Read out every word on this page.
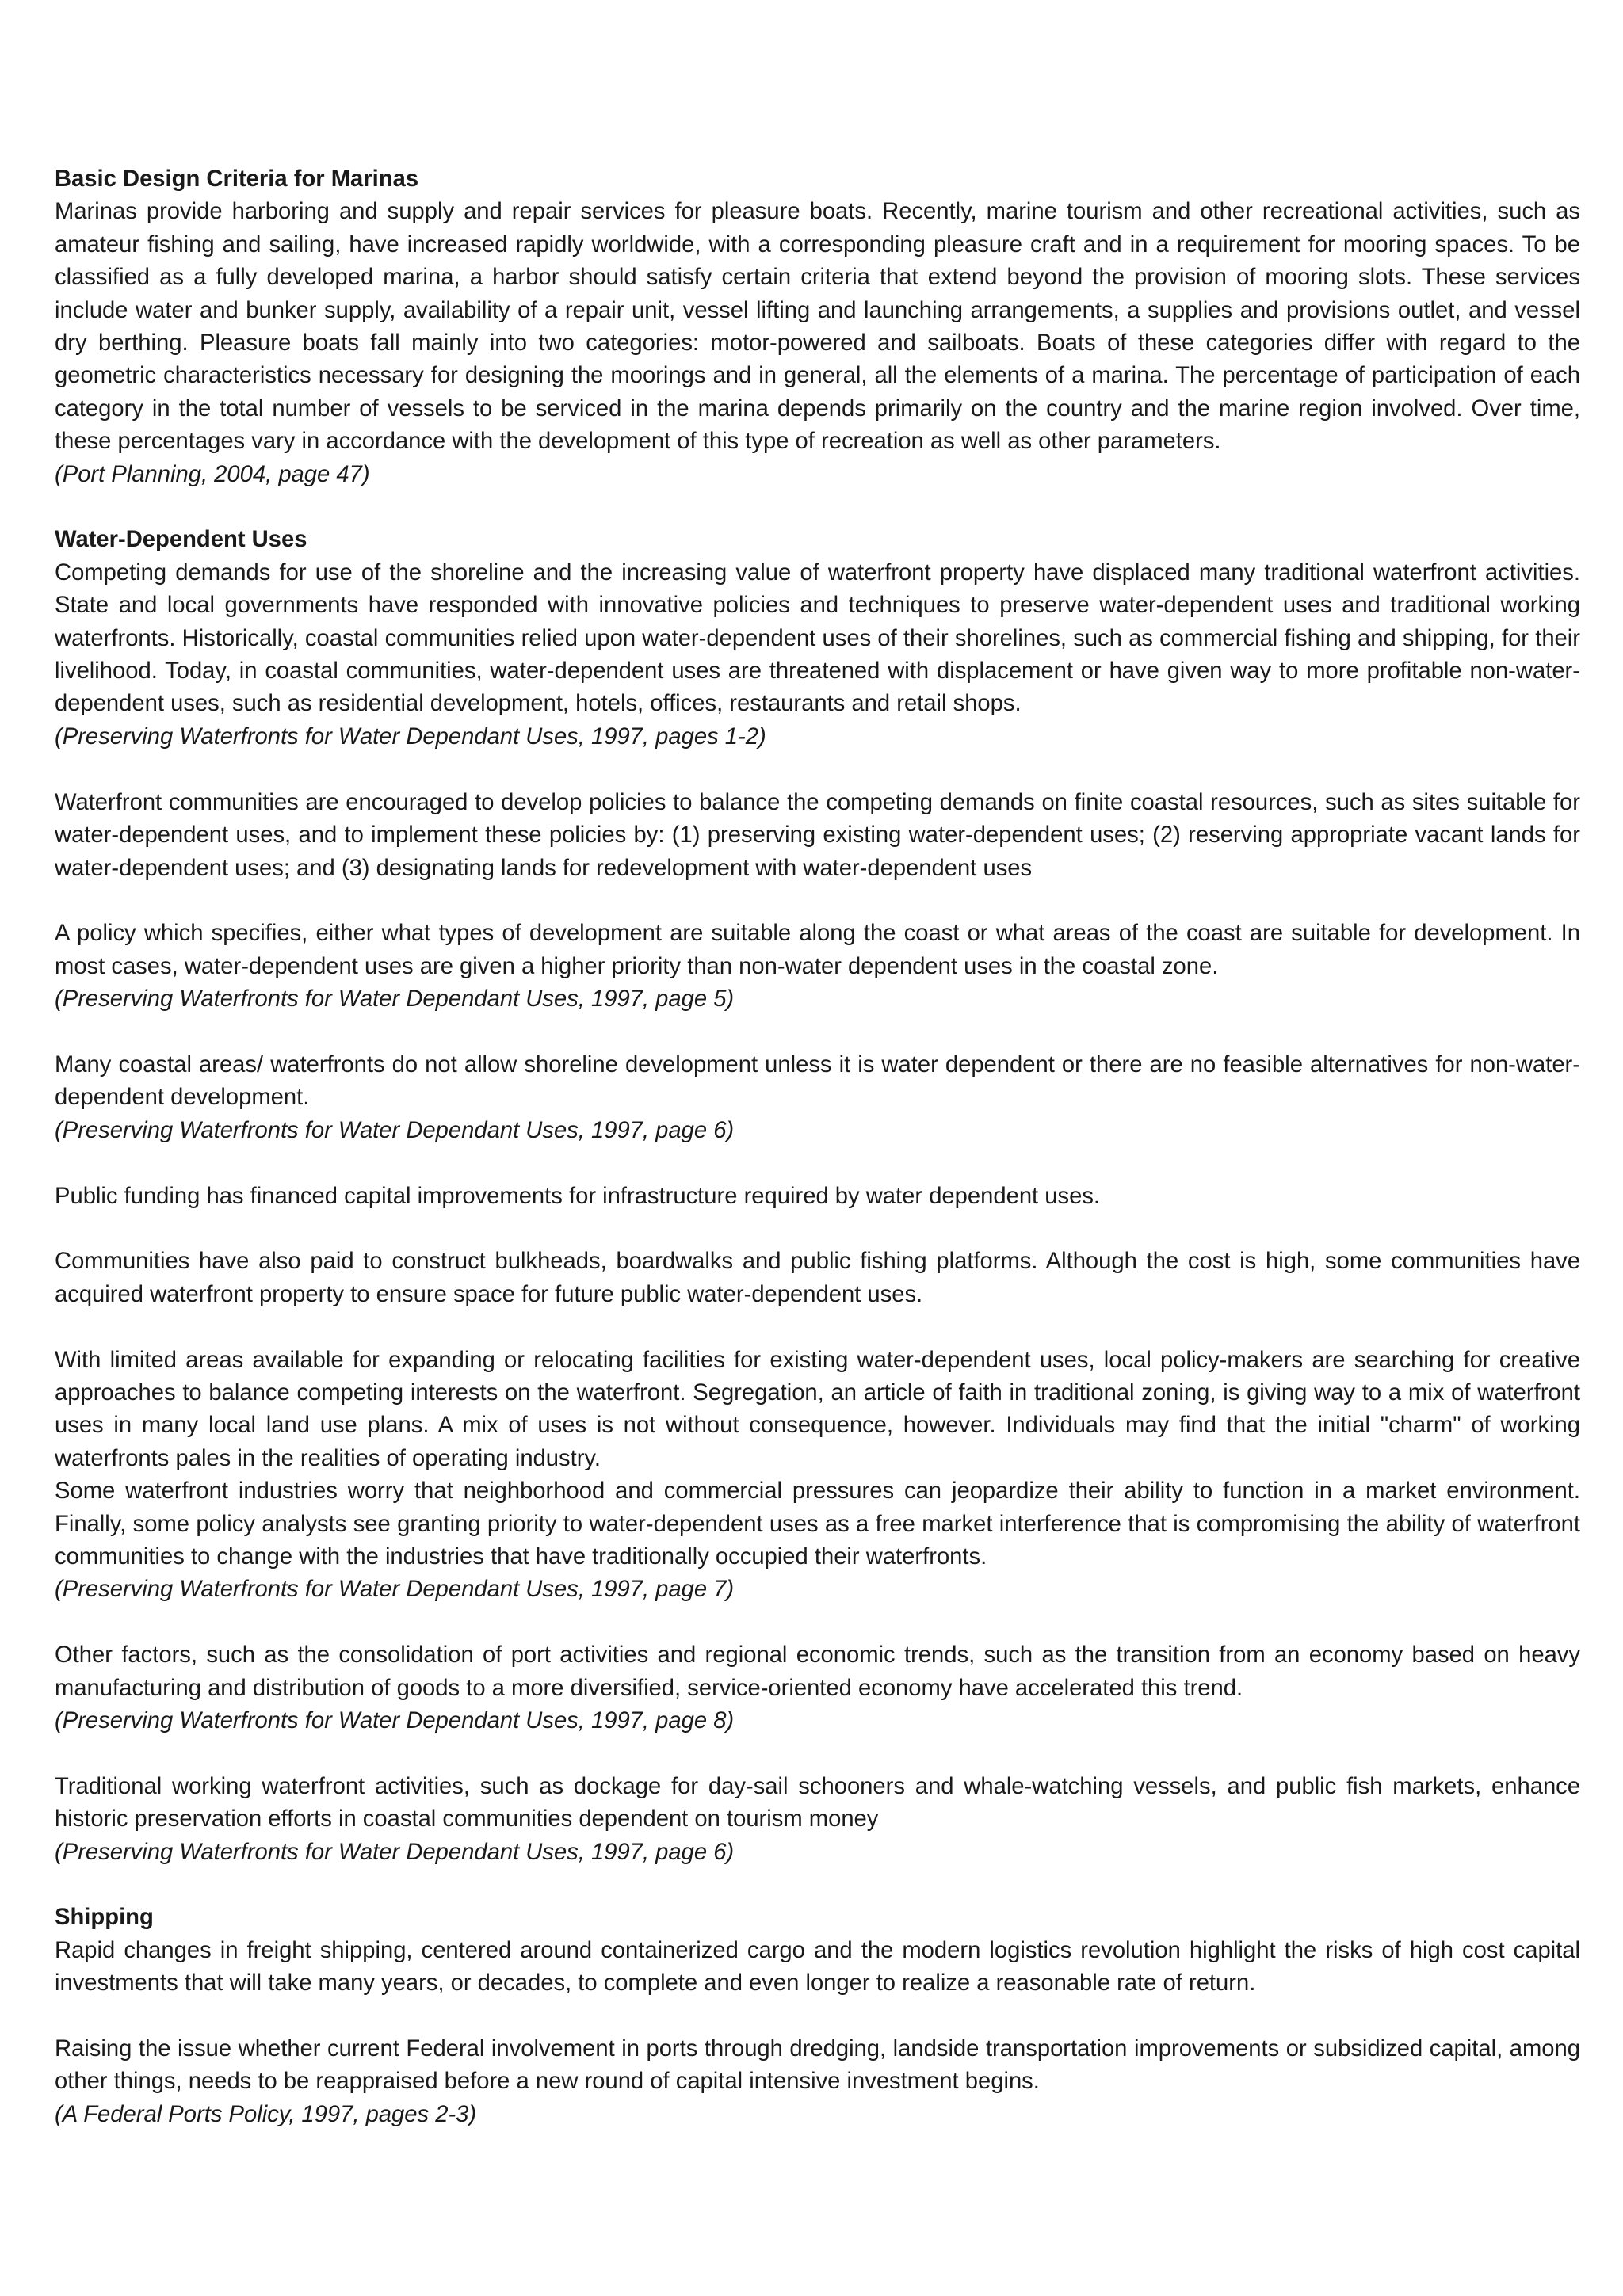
Basic Design Criteria for Marinas

Marinas provide harboring and supply and repair services for pleasure boats. Recently, marine tourism and other recreational activities, such as amateur fishing and sailing, have increased rapidly worldwide, with a corresponding pleasure craft and in a requirement for mooring spaces. To be classified as a fully developed marina, a harbor should satisfy certain criteria that extend beyond the provision of mooring slots. These services include water and bunker supply, availability of a repair unit, vessel lifting and launching arrangements, a supplies and provisions outlet, and vessel dry berthing. Pleasure boats fall mainly into two categories: motor-powered and sailboats. Boats of these categories differ with regard to the geometric characteristics necessary for designing the moorings and in general, all the elements of a marina. The percentage of participation of each category in the total number of vessels to be serviced in the marina depends primarily on the country and the marine region involved. Over time, these percentages vary in accordance with the development of this type of recreation as well as other parameters.

(Port Planning, 2004, page 47)

Water-Dependent Uses

Competing demands for use of the shoreline and the increasing value of waterfront property have displaced many traditional waterfront activities. State and local governments have responded with innovative policies and techniques to preserve water-dependent uses and traditional working waterfronts. Historically, coastal communities relied upon water-dependent uses of their shorelines, such as commercial fishing and shipping, for their livelihood. Today, in coastal communities, water-dependent uses are threatened with displacement or have given way to more profitable non-water-dependent uses, such as residential development, hotels, offices, restaurants and retail shops.

(Preserving Waterfronts for Water Dependant Uses, 1997, pages 1-2)

Waterfront communities are encouraged to develop policies to balance the competing demands on finite coastal resources, such as sites suitable for water-dependent uses, and to implement these policies by: (1) preserving existing water-dependent uses; (2) reserving appropriate vacant lands for water-dependent uses; and (3) designating lands for redevelopment with water-dependent uses

A policy which specifies, either what types of development are suitable along the coast or what areas of the coast are suitable for development. In most cases, water-dependent uses are given a higher priority than non-water dependent uses in the coastal zone.

(Preserving Waterfronts for Water Dependant Uses, 1997, page 5)

Many coastal areas/ waterfronts do not allow shoreline development unless it is water dependent or there are no feasible alternatives for non-water-dependent development.

(Preserving Waterfronts for Water Dependant Uses, 1997, page 6)

Public funding has financed capital improvements for infrastructure required by water dependent uses.

Communities have also paid to construct bulkheads, boardwalks and public fishing platforms. Although the cost is high, some communities have acquired waterfront property to ensure space for future public water-dependent uses.

With limited areas available for expanding or relocating facilities for existing water-dependent uses, local policy-makers are searching for creative approaches to balance competing interests on the waterfront. Segregation, an article of faith in traditional zoning, is giving way to a mix of waterfront uses in many local land use plans. A mix of uses is not without consequence, however. Individuals may find that the initial "charm" of working waterfronts pales in the realities of operating industry.

Some waterfront industries worry that neighborhood and commercial pressures can jeopardize their ability to function in a market environment. Finally, some policy analysts see granting priority to water-dependent uses as a free market interference that is compromising the ability of waterfront communities to change with the industries that have traditionally occupied their waterfronts.

(Preserving Waterfronts for Water Dependant Uses, 1997, page 7)

Other factors, such as the consolidation of port activities and regional economic trends, such as the transition from an economy based on heavy manufacturing and distribution of goods to a more diversified, service-oriented economy have accelerated this trend.

(Preserving Waterfronts for Water Dependant Uses, 1997, page 8)

Traditional working waterfront activities, such as dockage for day-sail schooners and whale-watching vessels, and public fish markets, enhance historic preservation efforts in coastal communities dependent on tourism money

(Preserving Waterfronts for Water Dependant Uses, 1997, page 6)

Shipping

Rapid changes in freight shipping, centered around containerized cargo and the modern logistics revolution highlight the risks of high cost capital investments that will take many years, or decades, to complete and even longer to realize a reasonable rate of return.

Raising the issue whether current Federal involvement in ports through dredging, landside transportation improvements or subsidized capital, among other things, needs to be reappraised before a new round of capital intensive investment begins.

(A Federal Ports Policy, 1997, pages 2-3)
